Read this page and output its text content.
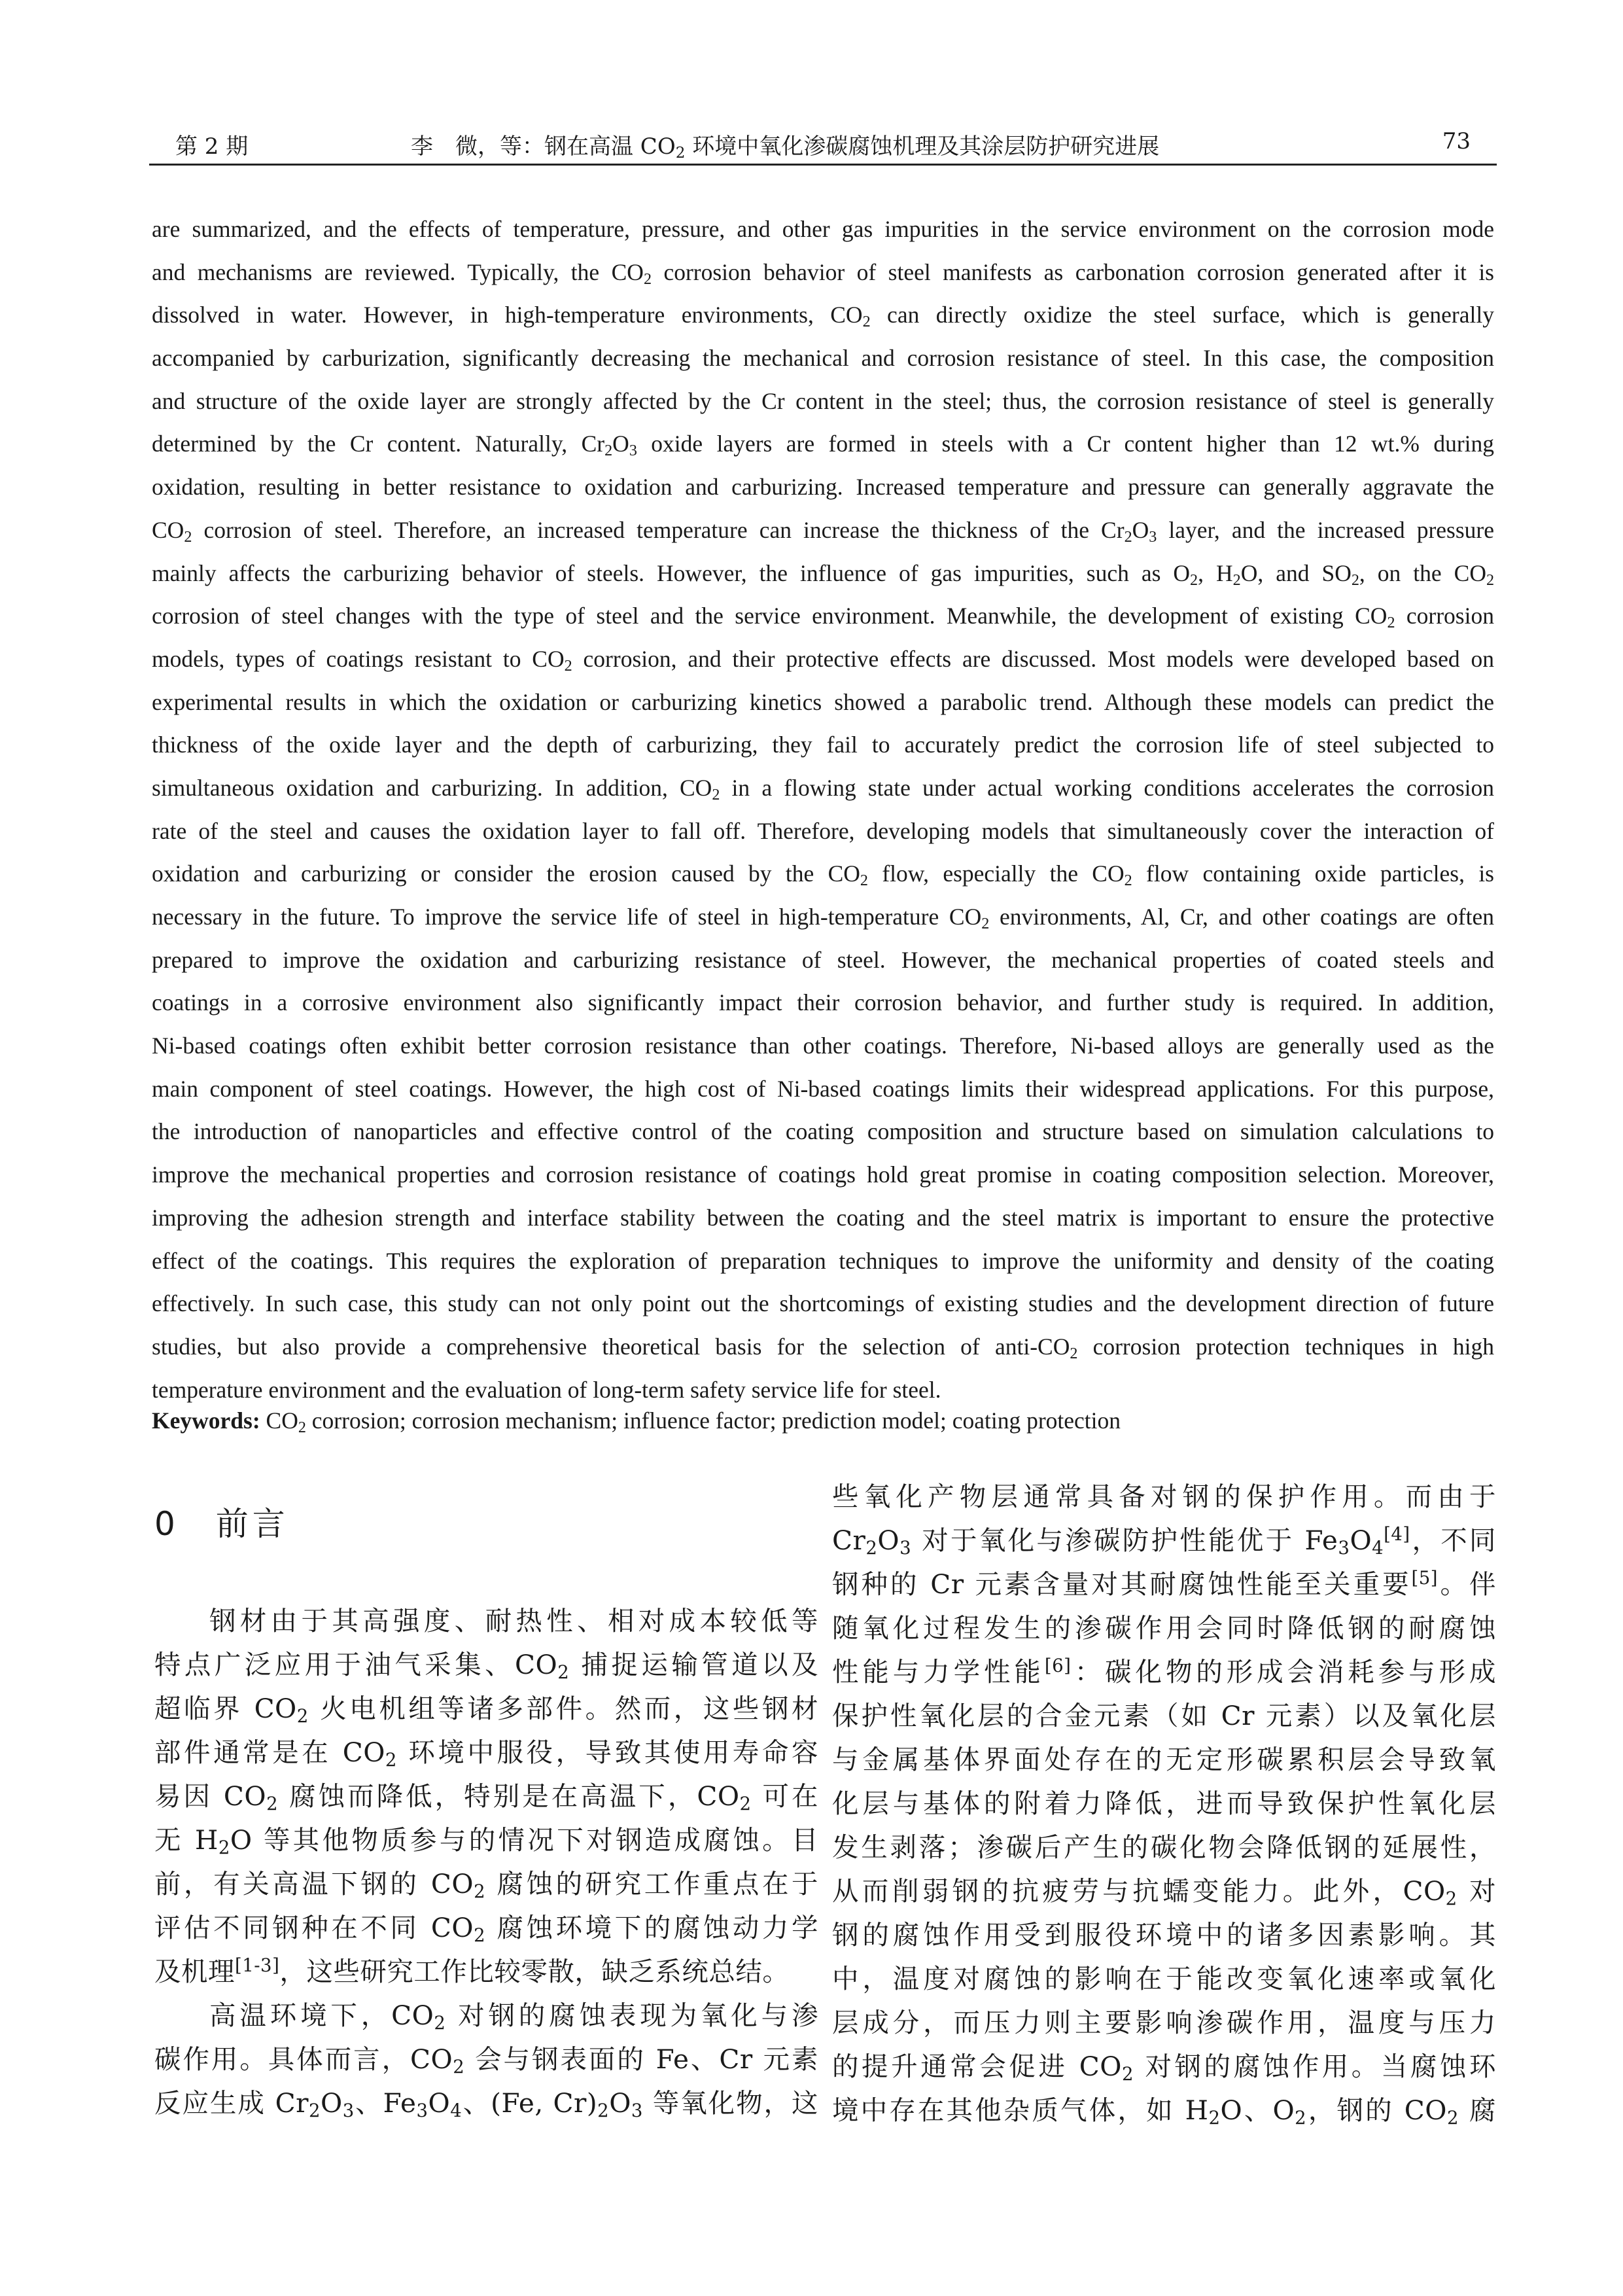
第 2 期	李　微，等：钢在高温 $CO_2$ 环境中氧化渗碳腐蚀机理及其涂层防护研究进展	73
are summarized, and the effects of temperature, pressure, and other gas impurities in the service environment on the corrosion mode
and mechanisms are reviewed. Typically, the $CO_2$ corrosion behavior of steel manifests as carbonation corrosion generated after it is
dissolved in water. However, in high-temperature environments, $CO_2$ can directly oxidize the steel surface, which is generally
accompanied by carburization, significantly decreasing the mechanical and corrosion resistance of steel. In this case, the composition
and structure of the oxide layer are strongly affected by the Cr content in the steel; thus, the corrosion resistance of steel is generally
determined by the Cr content. Naturally, $Cr_2O_3$ oxide layers are formed in steels with a Cr content higher than 12 wt.% during
oxidation, resulting in better resistance to oxidation and carburizing. Increased temperature and pressure can generally aggravate the
$CO_2$ corrosion of steel. Therefore, an increased temperature can increase the thickness of the $Cr_2O_3$ layer, and the increased pressure
mainly affects the carburizing behavior of steels. However, the influence of gas impurities, such as $O_2$, $H_2O$, and $SO_2$, on the $CO_2$
corrosion of steel changes with the type of steel and the service environment. Meanwhile, the development of existing $CO_2$ corrosion
models, types of coatings resistant to $CO_2$ corrosion, and their protective effects are discussed. Most models were developed based on
experimental results in which the oxidation or carburizing kinetics showed a parabolic trend. Although these models can predict the
thickness of the oxide layer and the depth of carburizing, they fail to accurately predict the corrosion life of steel subjected to
simultaneous oxidation and carburizing. In addition, $CO_2$ in a flowing state under actual working conditions accelerates the corrosion
rate of the steel and causes the oxidation layer to fall off. Therefore, developing models that simultaneously cover the interaction of
oxidation and carburizing or consider the erosion caused by the $CO_2$ flow, especially the $CO_2$ flow containing oxide particles, is
necessary in the future. To improve the service life of steel in high-temperature $CO_2$ environments, Al, Cr, and other coatings are often
prepared to improve the oxidation and carburizing resistance of steel. However, the mechanical properties of coated steels and
coatings in a corrosive environment also significantly impact their corrosion behavior, and further study is required. In addition,
Ni-based coatings often exhibit better corrosion resistance than other coatings. Therefore, Ni-based alloys are generally used as the
main component of steel coatings. However, the high cost of Ni-based coatings limits their widespread applications. For this purpose,
the introduction of nanoparticles and effective control of the coating composition and structure based on simulation calculations to
improve the mechanical properties and corrosion resistance of coatings hold great promise in coating composition selection. Moreover,
improving the adhesion strength and interface stability between the coating and the steel matrix is important to ensure the protective
effect of the coatings. This requires the exploration of preparation techniques to improve the uniformity and density of the coating
effectively. In such case, this study can not only point out the shortcomings of existing studies and the development direction of future
studies, but also provide a comprehensive theoretical basis for the selection of anti-$CO_2$ corrosion protection techniques in high
temperature environment and the evaluation of long-term safety service life for steel.
Keywords: $CO_2$ corrosion; corrosion mechanism; influence factor; prediction model; coating protection
0　前言
钢材由于其高强度、耐热性、相对成本较低等
特点广泛应用于油气采集、$CO_2$ 捕捉运输管道以及
超临界 $CO_2$ 火电机组等诸多部件。然而，这些钢材
部件通常是在 $CO_2$ 环境中服役，导致其使用寿命容
易因 $CO_2$ 腐蚀而降低，特别是在高温下，$CO_2$ 可在
无 $H_2O$ 等其他物质参与的情况下对钢造成腐蚀。目
前，有关高温下钢的 $CO_2$ 腐蚀的研究工作重点在于
评估不同钢种在不同 $CO_2$ 腐蚀环境下的腐蚀动力学
及机理[1-3]，这些研究工作比较零散，缺乏系统总结。
高温环境下，$CO_2$ 对钢的腐蚀表现为氧化与渗
碳作用。具体而言，$CO_2$ 会与钢表面的 Fe、Cr 元素
反应生成 $Cr_2O_3$、$Fe_3O_4$、(Fe, $Cr)_2O_3$ 等氧化物，这
些氧化产物层通常具备对钢的保护作用。而由于
$Cr_2O_3$ 对于氧化与渗碳防护性能优于 $Fe_3O_4[4]$，不同
钢种的 Cr 元素含量对其耐腐蚀性能至关重要[5]。伴
随氧化过程发生的渗碳作用会同时降低钢的耐腐蚀
性能与力学性能[6]：碳化物的形成会消耗参与形成
保护性氧化层的合金元素（如 Cr 元素）以及氧化层
与金属基体界面处存在的无定形碳累积层会导致氧
化层与基体的附着力降低，进而导致保护性氧化层
发生剥落；渗碳后产生的碳化物会降低钢的延展性，
从而削弱钢的抗疲劳与抗蠕变能力。此外，$CO_2$ 对
钢的腐蚀作用受到服役环境中的诸多因素影响。其
中，温度对腐蚀的影响在于能改变氧化速率或氧化
层成分，而压力则主要影响渗碳作用，温度与压力
的提升通常会促进 $CO_2$ 对钢的腐蚀作用。当腐蚀环
境中存在其他杂质气体，如 $H_2O$、$O_2$，钢的 $CO_2$ 腐
